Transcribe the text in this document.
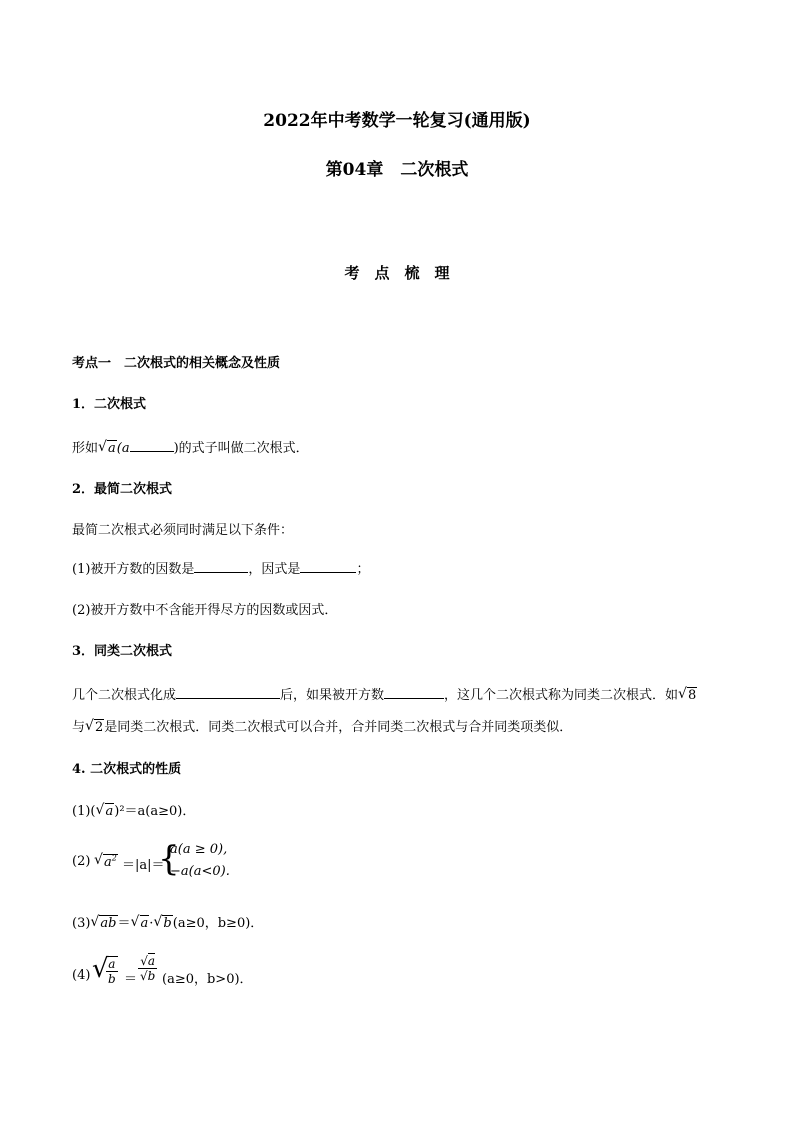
2022年中考数学一轮复习(通用版)
第04章　二次根式
考　点　梳　理
考点一　二次根式的相关概念及性质
1．二次根式
形如 √ a(a	)的式子叫做二次根式．
2．最简二次根式
最简二次根式必须同时满足以下条件：
(1)被开方数的因数是	，因式是	；
(2)被开方数中不含能开得尽方的因数或因式．
3．同类二次根式
几个二次根式化成	后，如果被开方数	，这几个二次根式称为同类二次根式．如 √ 8
与 √ 2是同类二次根式．同类二次根式可以合并，合并同类二次根式与合并同类项类似．
4. 二次根式的性质
(1)( √ a)²＝a(a≥0)．
(2) √ $a^2 =|a|=$
{
a(a ≥ 0),
−a(a<0).
(3) √ ab＝ √ a· √ b(a≥0，b≥0)．
(4) √
$\frac{a}{b} = \frac{√a}{√b} (a\ge 0$，b>0)．
